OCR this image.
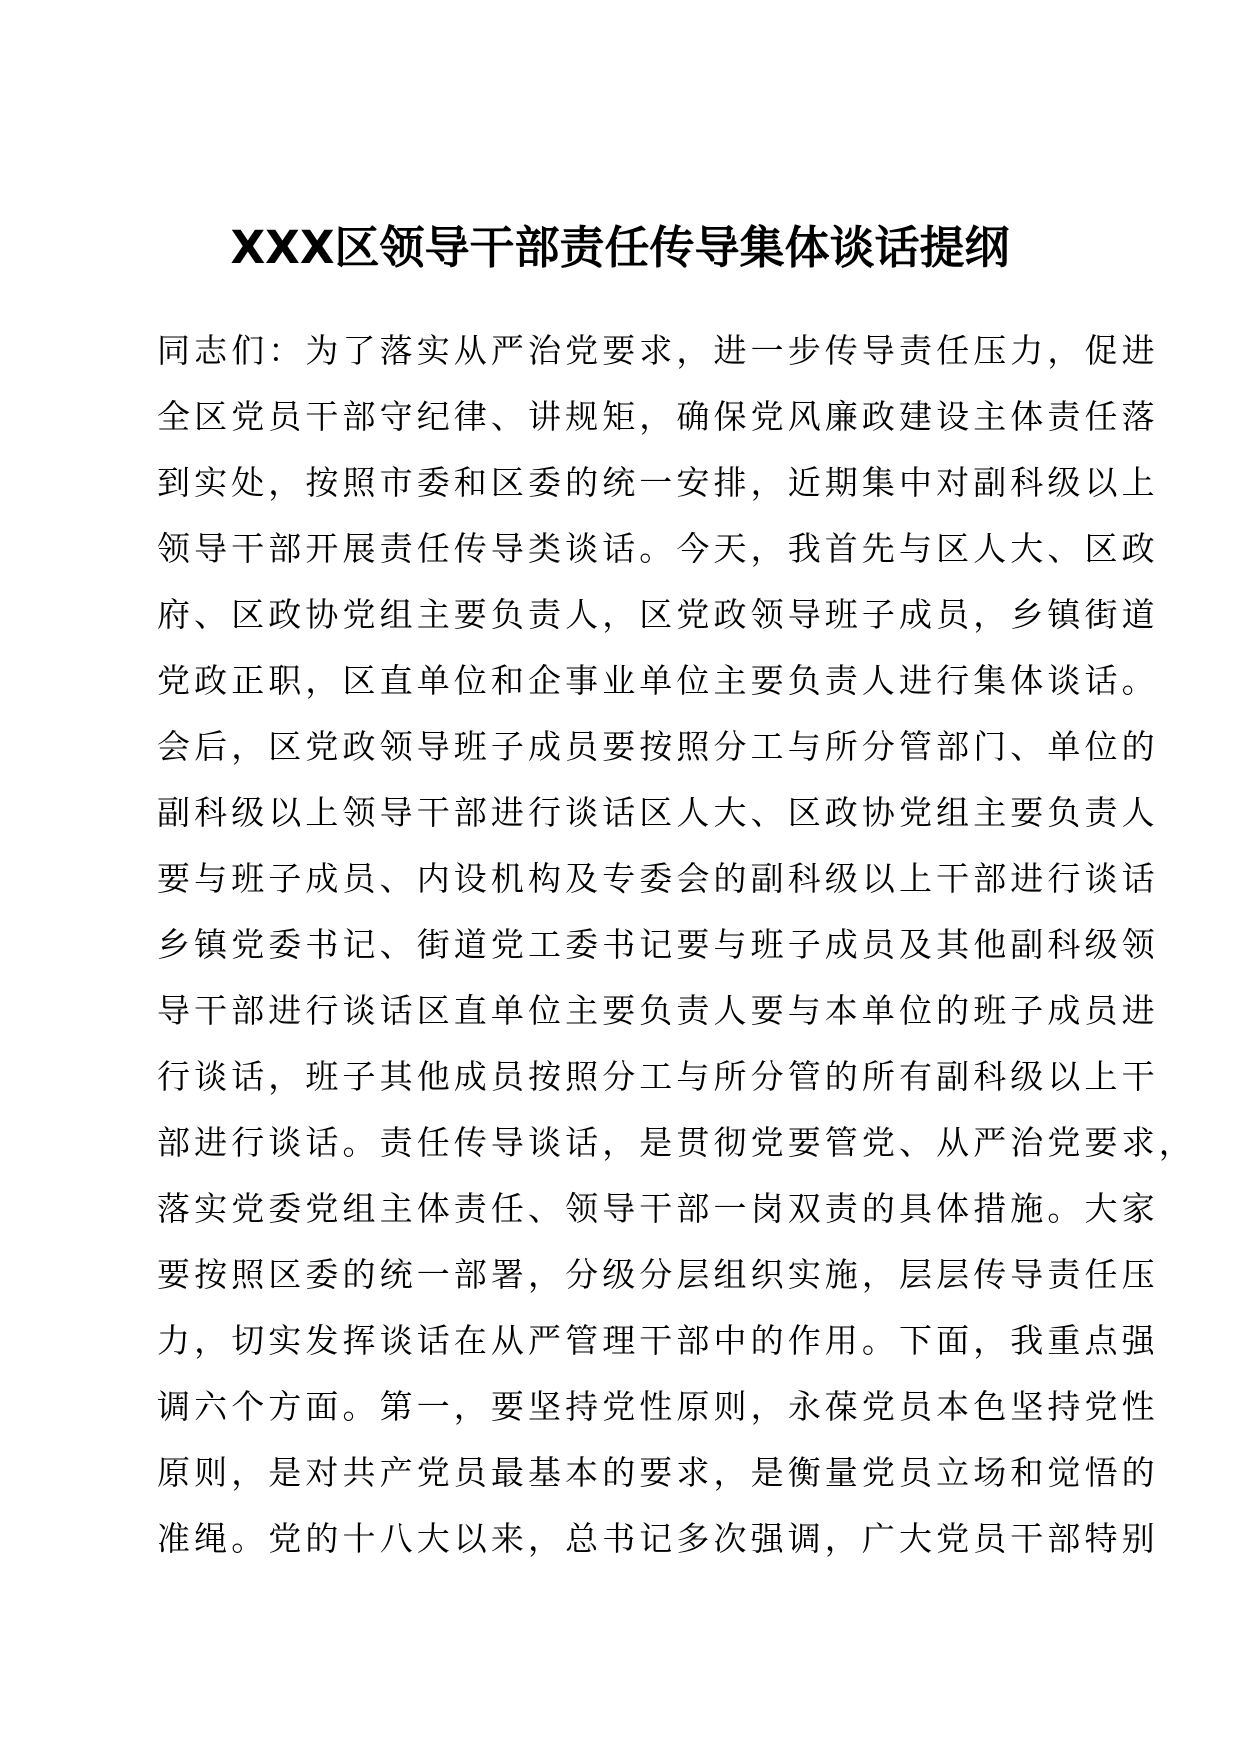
XXX区领导干部责任传导集体谈话提纲
同志们：为了落实从严治党要求，进一步传导责任压力，促进
全区党员干部守纪律、讲规矩，确保党风廉政建设主体责任落
到实处，按照市委和区委的统一安排，近期集中对副科级以上
领导干部开展责任传导类谈话。今天，我首先与区人大、区政
府、区政协党组主要负责人，区党政领导班子成员，乡镇街道
党政正职，区直单位和企事业单位主要负责人进行集体谈话。
会后，区党政领导班子成员要按照分工与所分管部门、单位的
副科级以上领导干部进行谈话区人大、区政协党组主要负责人
要与班子成员、内设机构及专委会的副科级以上干部进行谈话
乡镇党委书记、街道党工委书记要与班子成员及其他副科级领
导干部进行谈话区直单位主要负责人要与本单位的班子成员进
行谈话，班子其他成员按照分工与所分管的所有副科级以上干
部进行谈话。责任传导谈话，是贯彻党要管党、从严治党要求，
落实党委党组主体责任、领导干部一岗双责的具体措施。大家
要按照区委的统一部署，分级分层组织实施，层层传导责任压
力，切实发挥谈话在从严管理干部中的作用。下面，我重点强
调六个方面。第一，要坚持党性原则，永葆党员本色坚持党性
原则，是对共产党员最基本的要求，是衡量党员立场和觉悟的
准绳。党的十八大以来，总书记多次强调，广大党员干部特别
